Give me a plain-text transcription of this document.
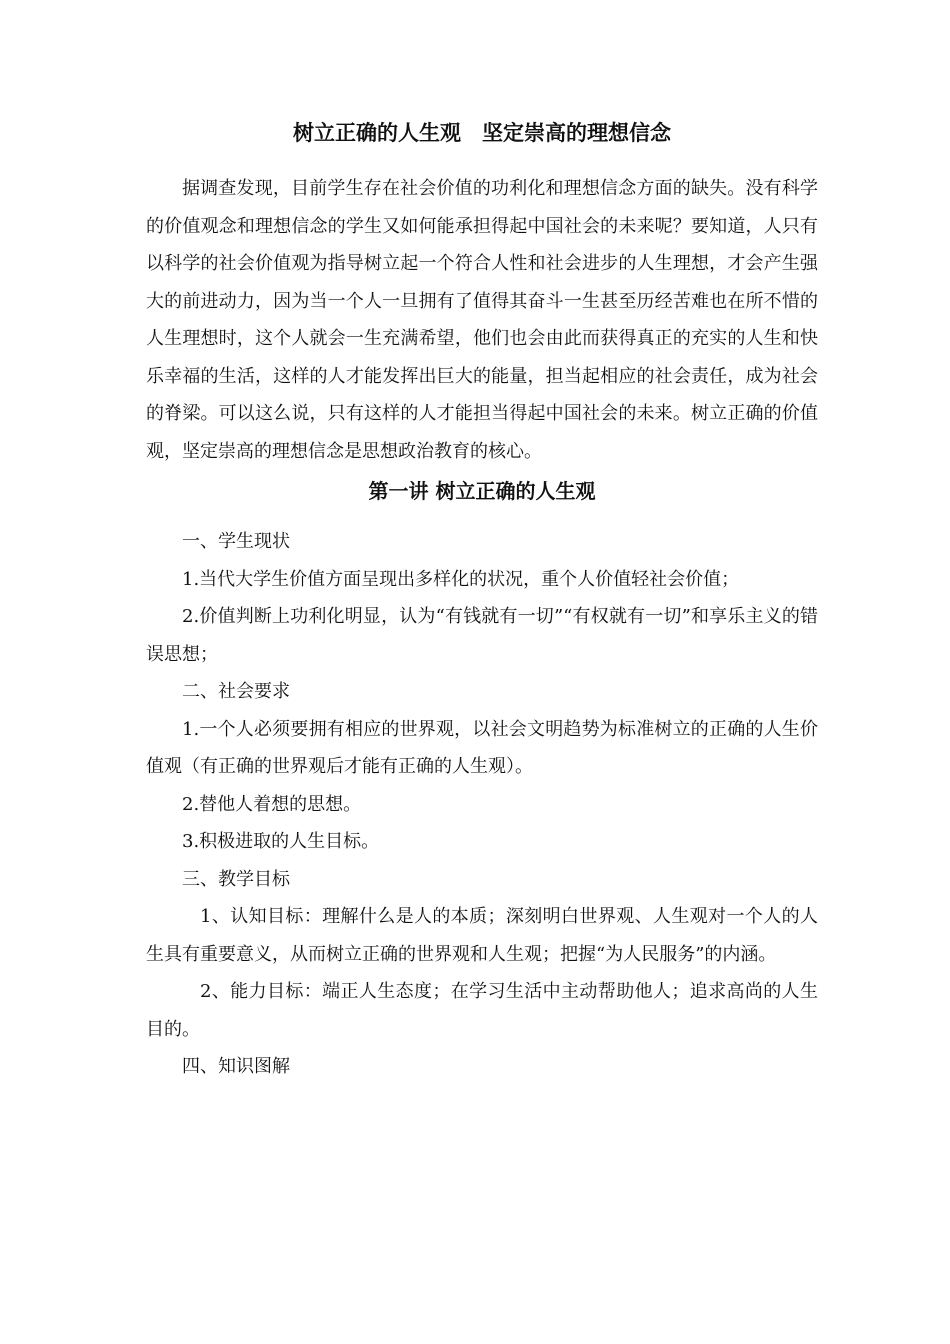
树立正确的人生观　坚定崇高的理想信念

据调查发现，目前学生存在社会价值的功利化和理想信念方面的缺失。没有科学的价值观念和理想信念的学生又如何能承担得起中国社会的未来呢？要知道，人只有以科学的社会价值观为指导树立起一个符合人性和社会进步的人生理想，才会产生强大的前进动力，因为当一个人一旦拥有了值得其奋斗一生甚至历经苦难也在所不惜的人生理想时，这个人就会一生充满希望，他们也会由此而获得真正的充实的人生和快乐幸福的生活，这样的人才能发挥出巨大的能量，担当起相应的社会责任，成为社会的脊梁。可以这么说，只有这样的人才能担当得起中国社会的未来。树立正确的价值观，坚定崇高的理想信念是思想政治教育的核心。

第一讲 树立正确的人生观

一、学生现状

1.当代大学生价值方面呈现出多样化的状况，重个人价值轻社会价值；

2.价值判断上功利化明显，认为“有钱就有一切”“有权就有一切”和享乐主义的错误思想；

二、社会要求

1.一个人必须要拥有相应的世界观，以社会文明趋势为标准树立的正确的人生价值观（有正确的世界观后才能有正确的人生观）。

2.替他人着想的思想。

3.积极进取的人生目标。

三、教学目标

1、认知目标：理解什么是人的本质；深刻明白世界观、人生观对一个人的人生具有重要意义，从而树立正确的世界观和人生观；把握“为人民服务”的内涵。

2、能力目标：端正人生态度；在学习生活中主动帮助他人；追求高尚的人生目的。

四、知识图解
